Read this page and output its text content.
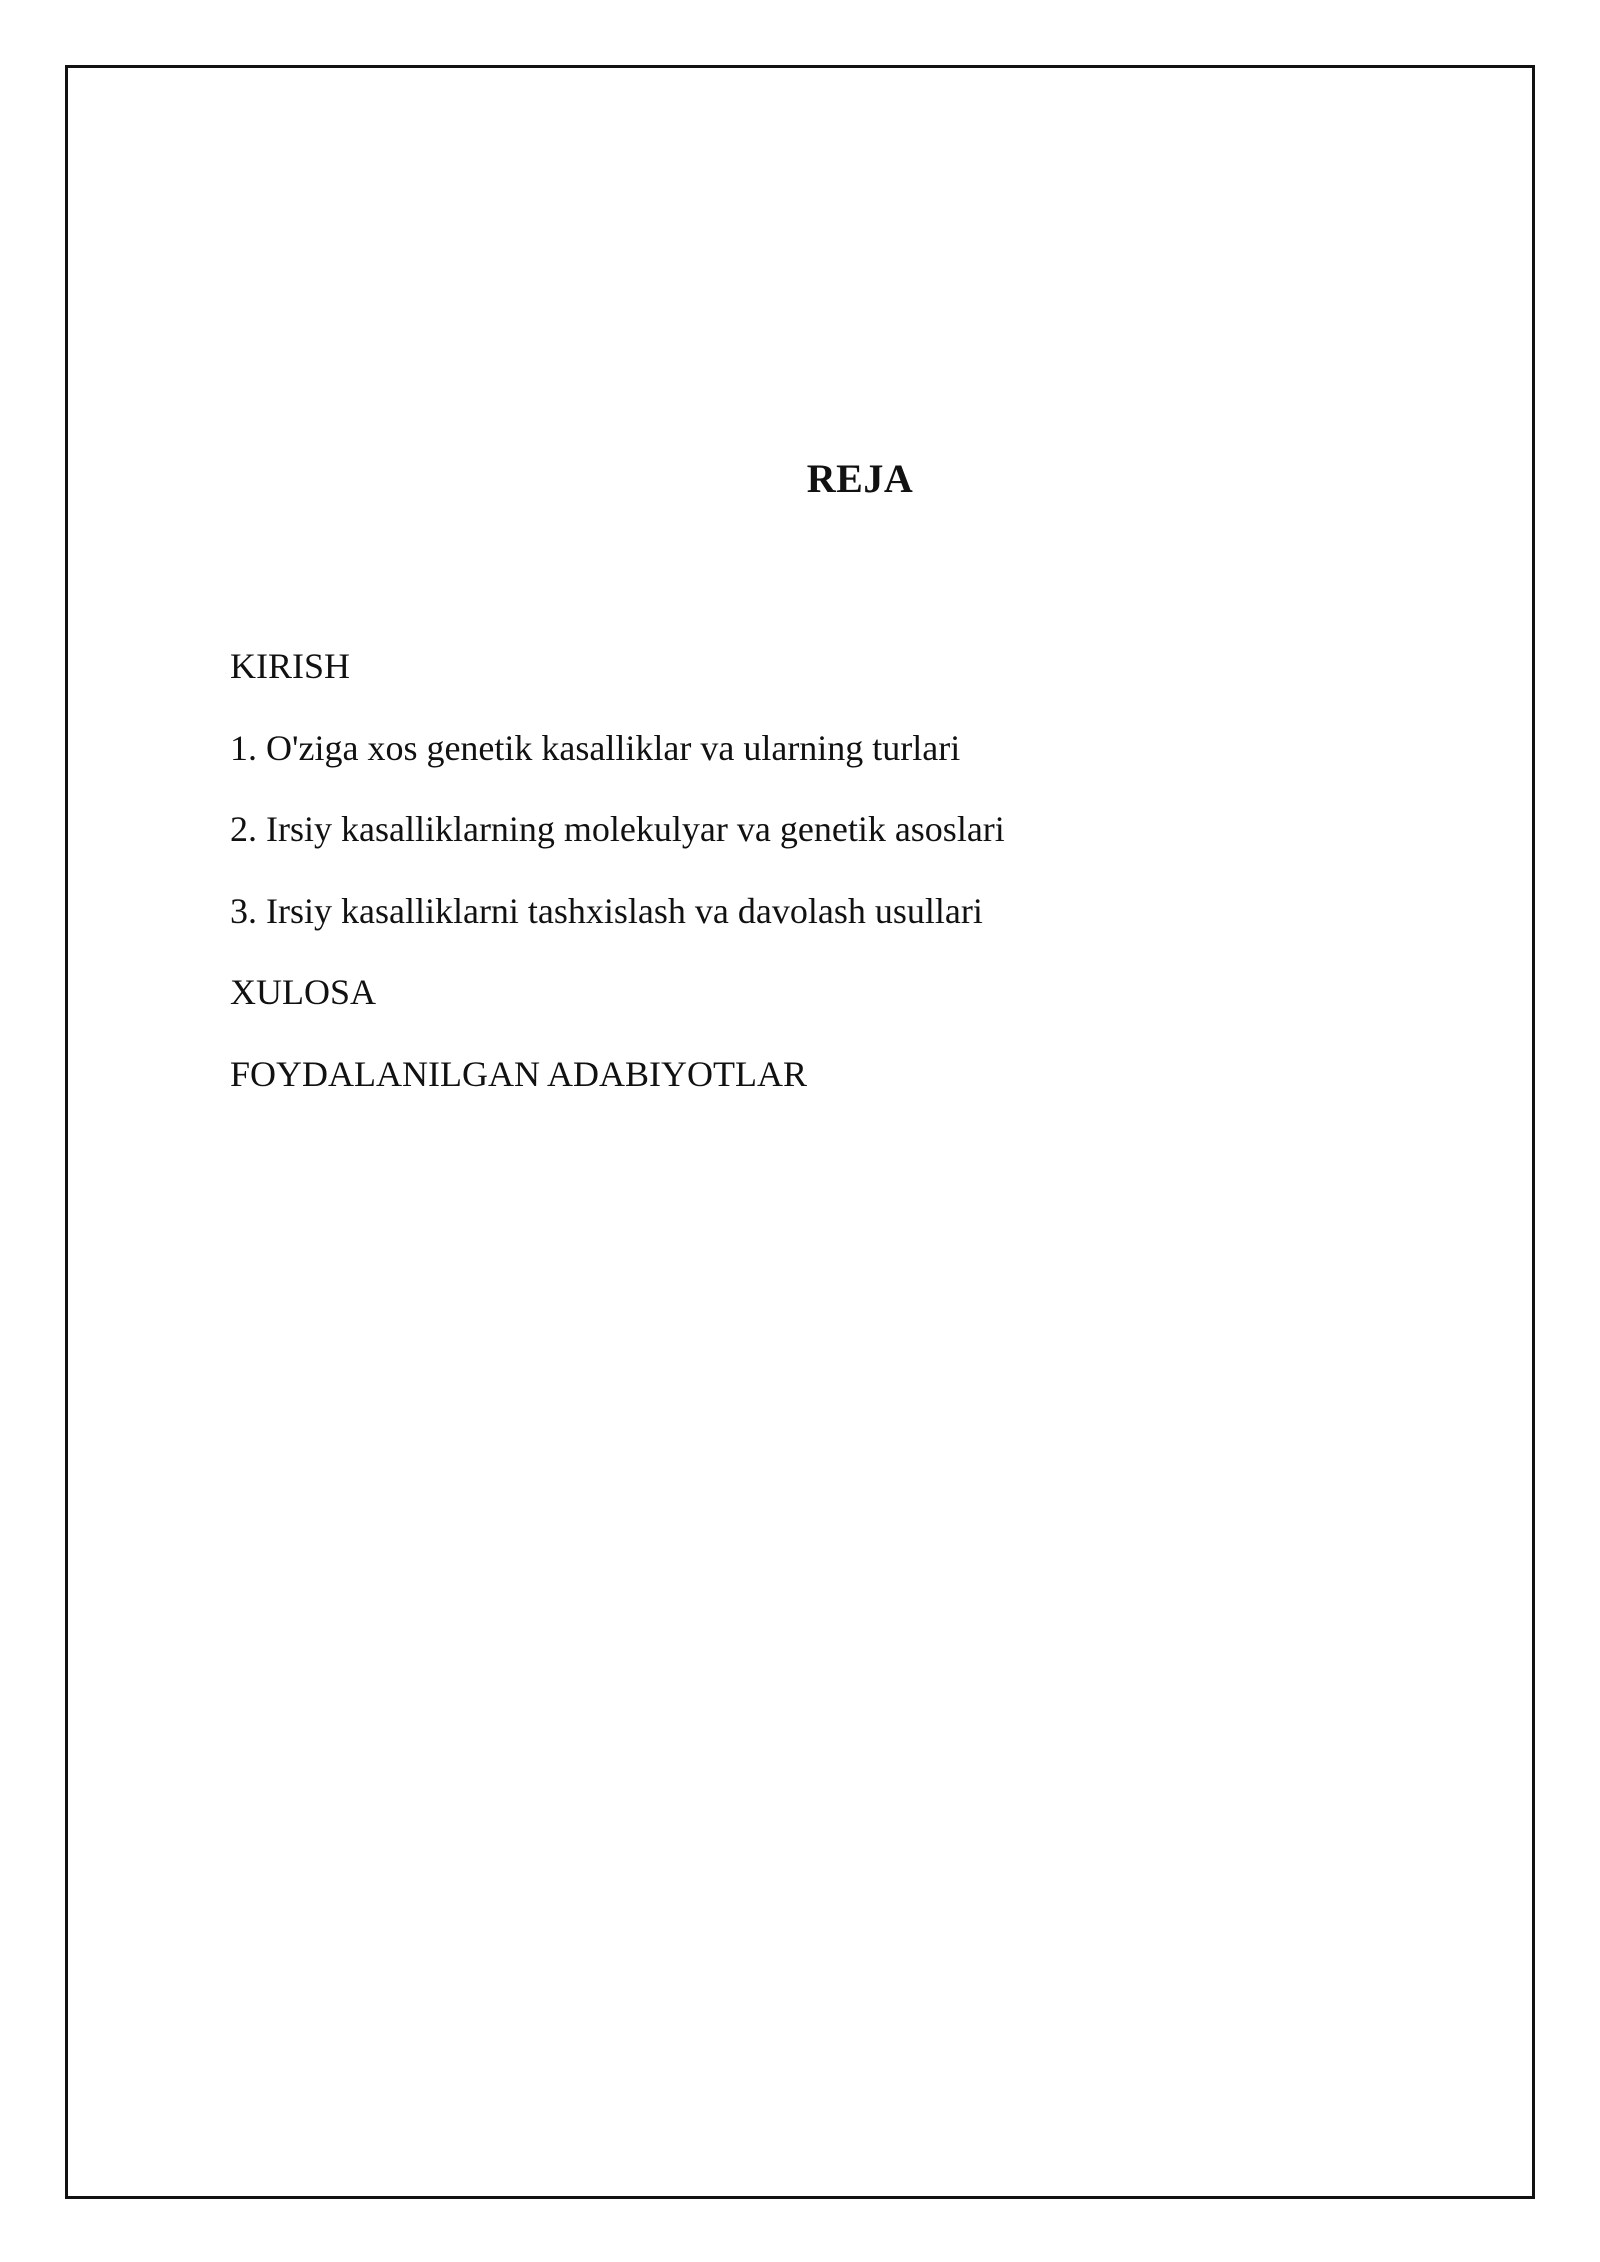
REJA
KIRISH
1. O'ziga xos genetik kasalliklar va ularning turlari
2. Irsiy kasalliklarning molekulyar va genetik asoslari
3. Irsiy kasalliklarni tashxislash va davolash usullari
XULOSA
FOYDALANILGAN ADABIYOTLAR
